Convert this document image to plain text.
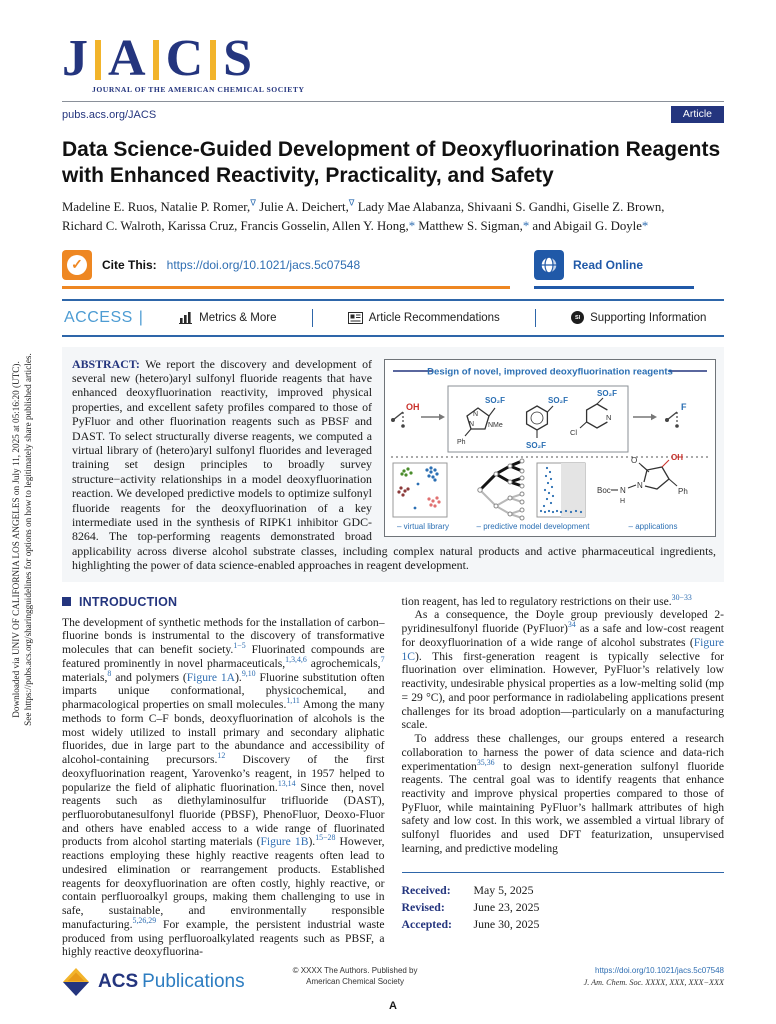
Downloaded via UNIV OF CALIFORNIA LOS ANGELES on July 11, 2025 at 05:16:20 (UTC). See https://pubs.acs.org/sharingguidelines for options on how to legitimately share published articles.
J A C S
JOURNAL OF THE AMERICAN CHEMICAL SOCIETY
pubs.acs.org/JACS	Article
Data Science-Guided Development of Deoxyfluorination Reagents with Enhanced Reactivity, Practicality, and Safety
Madeline E. Ruos, Natalie P. Romer,∇ Julie A. Deichert,∇ Lady Mae Alabanza, Shivaani S. Gandhi, Giselle Z. Brown, Richard C. Walroth, Karissa Cruz, Francis Gosselin, Allen Y. Hong,* Matthew S. Sigman,* and Abigail G. Doyle*
✓	Cite This: https://doi.org/10.1021/jacs.5c07548	Read Online
ACCESS |	Metrics & More	Article Recommendations	SI Supporting Information
Design of novel, improved deoxyfluorination reagents
OH
N
N
SO₂F
NMe
Ph
SO₂F
SO₂F
N
SO₂F
Cl
F
Boc N
H
N
O	OH
Ph
– virtual library	– predictive model development	– applications

ABSTRACT: We report the discovery and development of several new (hetero)aryl sulfonyl fluoride reagents that have enhanced deoxyfluorination reactivity, improved physical properties, and excellent safety profiles compared to those of PyFluor and other fluorination reagents such as PBSF and DAST. To select structurally diverse reagents, we computed a virtual library of (hetero)aryl sulfonyl fluorides and leveraged training set design principles to broadly survey structure−activity relationships in a model deoxyfluorination reaction. We developed predictive models to optimize sulfonyl fluoride reagents for the deoxyfluorination of a key intermediate used in the synthesis of RIPK1 inhibitor GDC-8264. The top-performing reagents demonstrated broad applicability across diverse alcohol substrate classes, including complex natural products and active pharmaceutical ingredients, highlighting the power of data science-enabled approaches in reagent development.

INTRODUCTION

The development of synthetic methods for the installation of carbon–fluorine bonds is instrumental to the discovery of transformative molecules that can benefit society.$^{1-5}$ Fluorinated compounds are featured prominently in novel pharmaceuticals,$^{1,3,4,6}$ agrochemicals,$^7$ materials,$^8$ and polymers (Figure 1A).$^{9,10}$ Fluorine substitution often imparts unique conformational, physicochemical, and pharmacological properties on small molecules.$^{1,11}$ Among the many methods to form C–F bonds, deoxyfluorination of alcohols is the most widely utilized to install primary and secondary aliphatic fluorides, due in large part to the abundance and accessibility of alcohol-containing precursors.$^{12}$ Discovery of the first deoxyfluorination reagent, Yarovenko’s reagent, in 1957 helped to popularize the field of aliphatic fluorination.$^{13,14}$ Since then, novel reagents such as diethylaminosulfur trifluoride (DAST), perfluorobutanesulfonyl fluoride (PBSF), PhenoFluor, Deoxo-Fluor and others have enabled access to a wide range of fluorinated products from alcohol starting materials (Figure 1B).$^{15-28}$ However, reactions employing these highly reactive reagents often lead to undesired elimination or rearrangement products. Established reagents for deoxyfluorination are often costly, highly reactive, or contain perfluoroalkyl groups, making them challenging to use in safe, sustainable, and environmentally responsible manufacturing.$^{5,26,29}$ For example, the persistent industrial waste produced from using perfluoroalkylated reagents such as PBSF, a highly reactive deoxyfluorina-

tion reagent, has led to regulatory restrictions on their use.$^{30-33}$

As a consequence, the Doyle group previously developed 2-pyridinesulfonyl fluoride (PyFluor)$^{34}$ as a safe and low-cost reagent for deoxyfluorination of a wide range of alcohol substrates (Figure 1C). This first-generation reagent is typically selective for fluorination over elimination. However, PyFluor’s relatively low reactivity, undesirable physical properties as a low-melting solid (mp = 29 °C), and poor performance in radiolabeling applications present challenges for its broad adoption—particularly on a manufacturing scale.

To address these challenges, our groups entered a research collaboration to harness the power of data science and data-rich experimentation$^{35,36}$ to design next-generation sulfonyl fluoride reagents. The central goal was to identify reagents that enhance reactivity and improve physical properties compared to those of PyFluor, while maintaining PyFluor’s hallmark attributes of high safety and low cost. In this work, we assembled a virtual library of sulfonyl fluorides and used DFT featurization, unsupervised learning, and predictive modeling

Received:	May 5, 2025
Revised:	June 23, 2025
Accepted:	June 30, 2025
ACS Publications
© XXXX The Authors. Published by
American Chemical Society
https://doi.org/10.1021/jacs.5c07548
J. Am. Chem. Soc. XXXX, XXX, XXX−XXX
A
